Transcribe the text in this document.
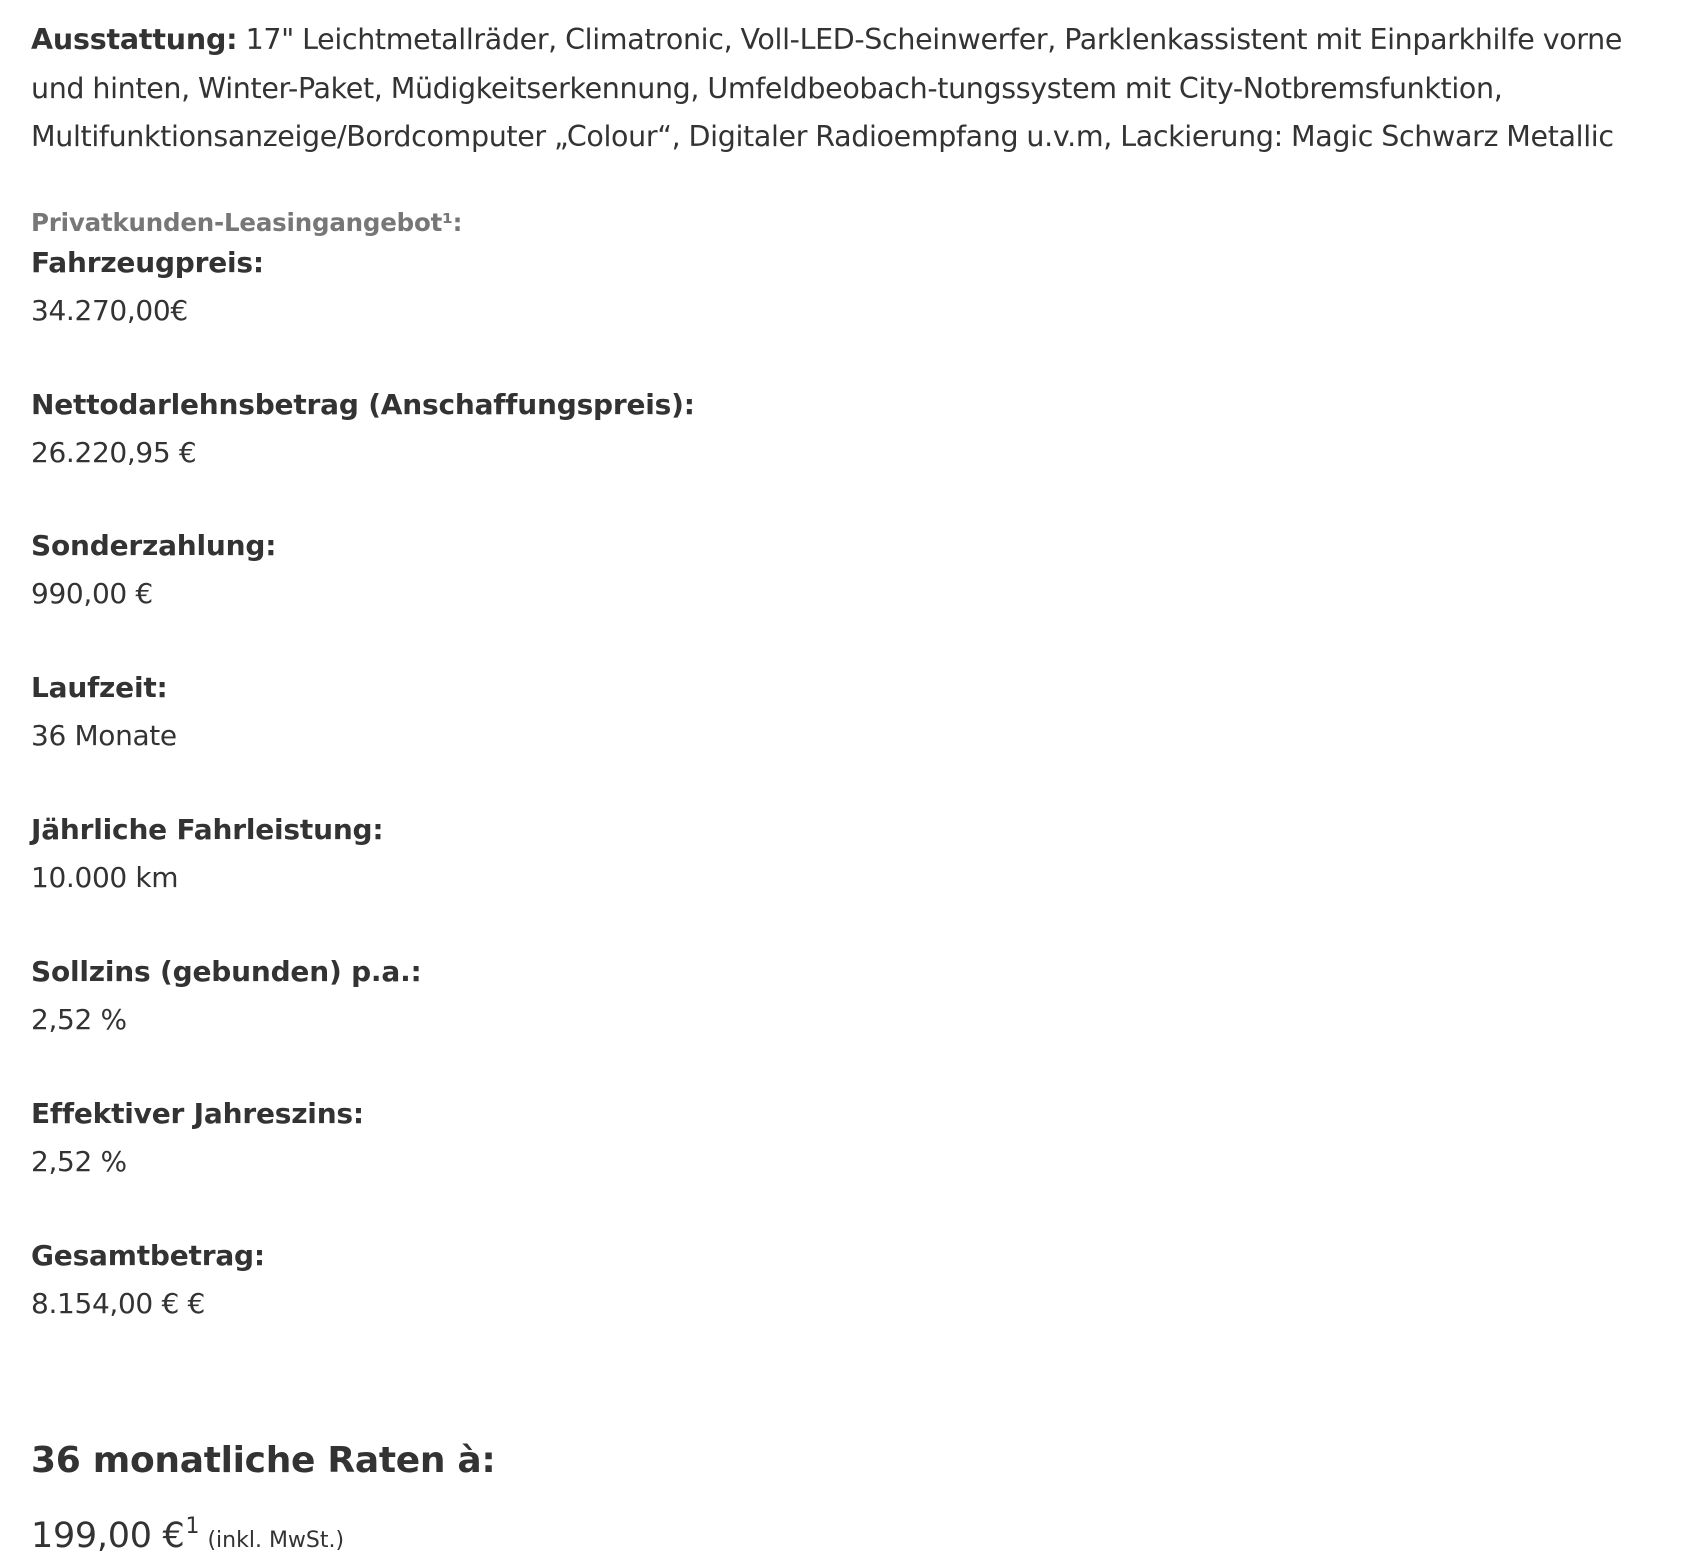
Ausstattung: 17" Leichtmetallräder, Climatronic, Voll-LED-Scheinwerfer, Parklenkassistent mit Einparkhilfe vorne und hinten, Winter-Paket, Müdigkeitserkennung, Umfeldbeobach-tungssystem mit City-Notbremsfunktion, Multifunktionsanzeige/Bordcomputer „Colour“, Digitaler Radioempfang u.v.m, Lackierung: Magic Schwarz Metallic

Privatkunden-Leasingangebot¹:

Fahrzeugpreis:
34.270,00€
Nettodarlehnsbetrag (Anschaffungspreis):
26.220,95 €
Sonderzahlung:
990,00 €
Laufzeit:
36 Monate
Jährliche Fahrleistung:
10.000 km
Sollzins (gebunden) p.a.:
2,52 %
Effektiver Jahreszins:
2,52 %
Gesamtbetrag:
8.154,00 € €
36 monatliche Raten à:

199,00 €$^1$(inkl. MwSt.)
